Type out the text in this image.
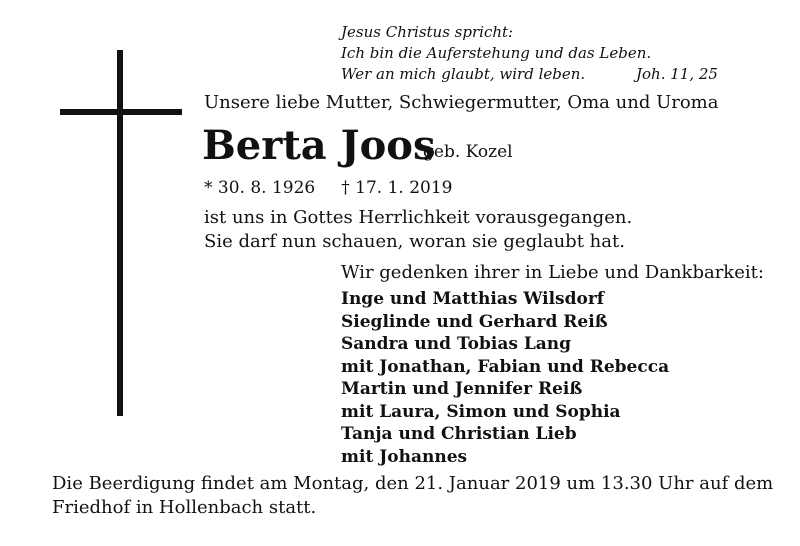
Jesus Christus spricht:
Ich bin die Auferstehung und das Leben.
Wer an mich glaubt, wird leben.	Joh. 11, 25
Unsere liebe Mutter, Schwiegermutter, Oma und Uroma
Berta Joos
geb. Kozel
* 30. 8. 1926 † 17. 1. 2019
ist uns in Gottes Herrlichkeit vorausgegangen.
Sie darf nun schauen, woran sie geglaubt hat.
Wir gedenken ihrer in Liebe und Dankbarkeit:
Inge und Matthias Wilsdorf
Sieglinde und Gerhard Reiß
Sandra und Tobias Lang
mit Jonathan, Fabian und Rebecca
Martin und Jennifer Reiß
mit Laura, Simon und Sophia
Tanja und Christian Lieb
mit Johannes
Die Beerdigung findet am Montag, den 21. Januar 2019 um 13.30 Uhr auf dem
Friedhof in Hollenbach statt.
